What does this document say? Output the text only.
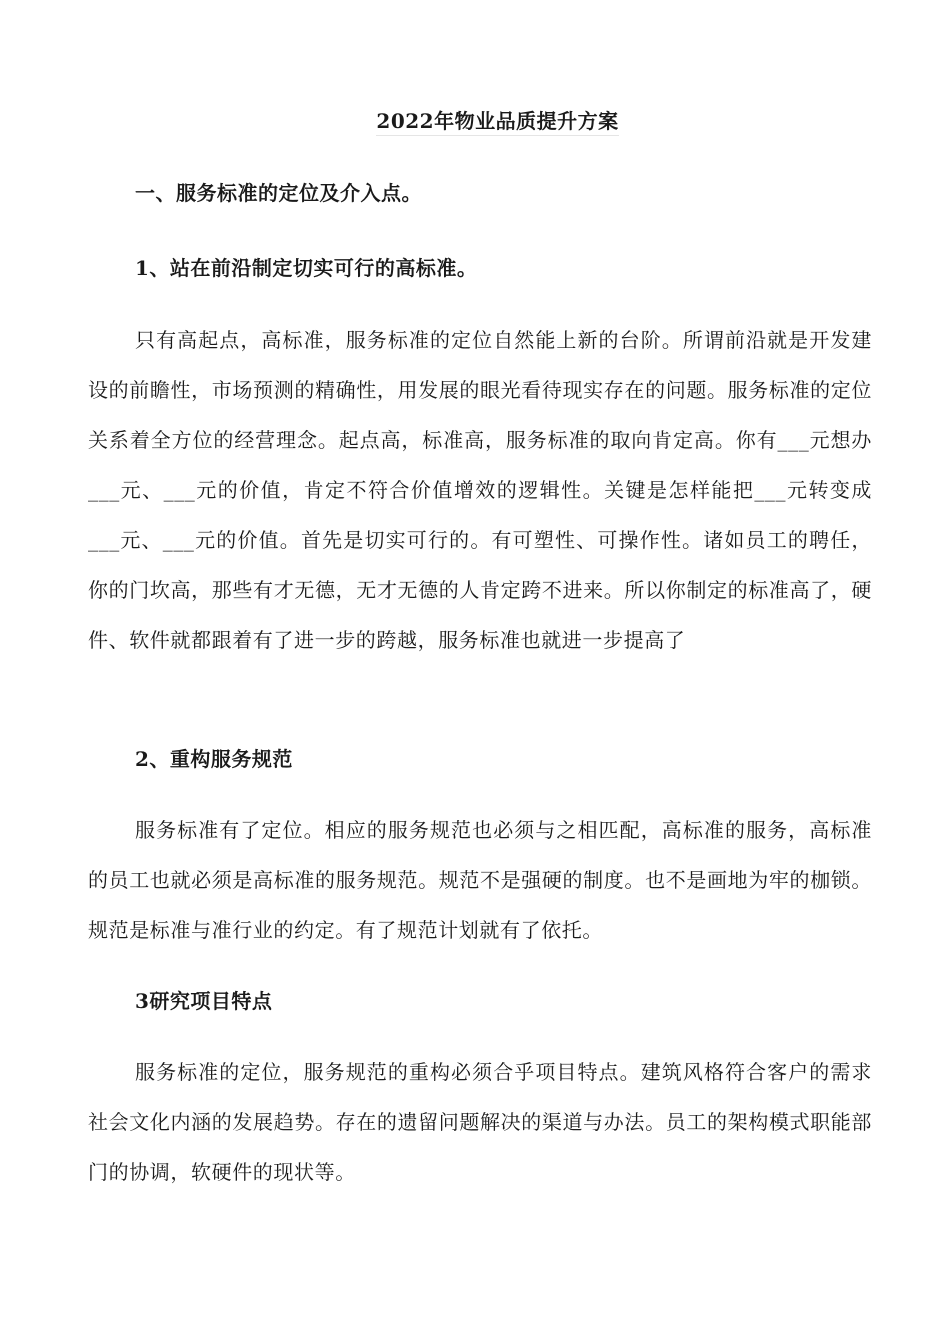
2022年物业品质提升方案
一、服务标准的定位及介入点。
1、站在前沿制定切实可行的高标准。

只有高起点，高标准，服务标准的定位自然能上新的台阶。所谓前沿就是开发建设的前瞻性，市场预测的精确性，用发展的眼光看待现实存在的问题。服务标准的定位关系着全方位的经营理念。起点高，标准高，服务标准的取向肯定高。你有___元想办___元、___元的价值，肯定不符合价值增效的逻辑性。关键是怎样能把___元转变成___元、___元的价值。首先是切实可行的。有可塑性、可操作性。诸如员工的聘任，你的门坎高，那些有才无德，无才无德的人肯定跨不进来。所以你制定的标准高了，硬件、软件就都跟着有了进一步的跨越，服务标准也就进一步提高了

2、重构服务规范

服务标准有了定位。相应的服务规范也必须与之相匹配，高标准的服务，高标准的员工也就必须是高标准的服务规范。规范不是强硬的制度。也不是画地为牢的枷锁。规范是标准与准行业的约定。有了规范计划就有了依托。

3研究项目特点

服务标准的定位，服务规范的重构必须合乎项目特点。建筑风格符合客户的需求社会文化内涵的发展趋势。存在的遗留问题解决的渠道与办法。员工的架构模式职能部门的协调，软硬件的现状等。
